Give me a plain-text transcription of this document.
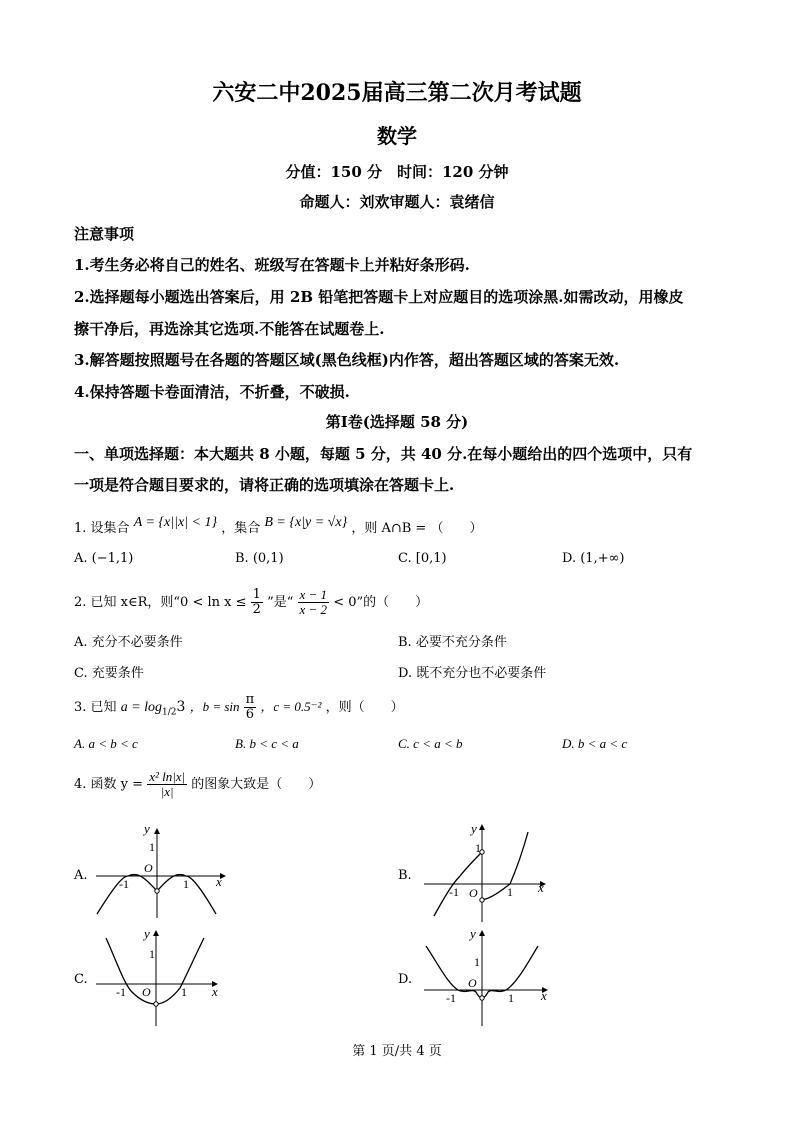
六安二中2025届高三第二次月考试题
数学
分值：150 分　时间：120 分钟
命题人：刘欢审题人：袁绪信
注意事项
1.考生务必将自己的姓名、班级写在答题卡上并粘好条形码.
2.选择题每小题选出答案后，用 2B 铅笔把答题卡上对应题目的选项涂黑.如需改动，用橡皮
擦干净后，再选涂其它选项.不能答在试题卷上.
3.解答题按照题号在各题的答题区域(黑色线框)内作答，超出答题区域的答案无效.
4.保持答题卡卷面清洁，不折叠，不破损.
第Ⅰ卷(选择题 58 分)
一、单项选择题：本大题共 8 小题，每题 5 分，共 40 分.在每小题给出的四个选项中，只有
一项是符合题目要求的，请将正确的选项填涂在答题卡上.
1. 设集合 A = {x||x| < 1} ，集合 B = {x|y = √x} ，则 A∩B = （　　）
A. (−1,1)	B. (0,1)	C. [0,1)	D. (1,+∞)
2. 已知 x∈R，则“$0 < \ln x \le \frac{1}{2}$ ”是“ $\frac{x - 1}{x - 2} < 0$”的（　　）
A. 充分不必要条件	B. 必要不充分条件
C. 充要条件	D. 既不充分也不必要条件
3. 已知 $a = \log_{1/2}3$ ，$b = \sin \frac{\pi}{6}$ ，c = 0.5⁻² ，则（　　）
A. a < b < c	B. b < c < a	C. c < a < b	D. b < a < c
4. 函数 $y = \frac{\text{x² ln|x|}}{|x|}$ 的图象大致是（　　）
A.
y
x
O
1
-1	1
B.
y
x
O
1
-1	1
C.
y
x
O
1
-1	1
D.
y
x
O
1
-1	1
第 1 页/共 4 页
